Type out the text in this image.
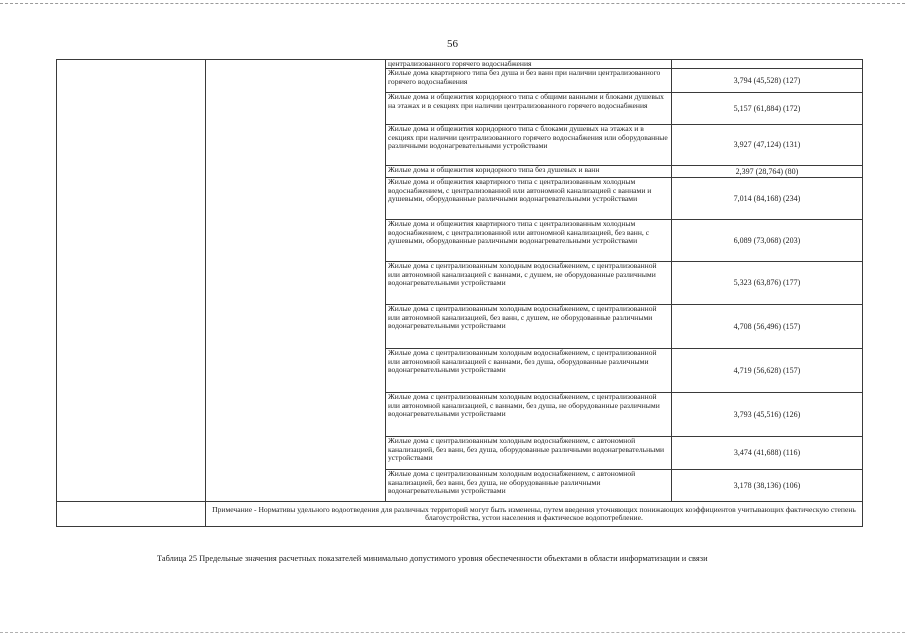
56
		централизованного горячего водоснабжения	
		Жилые дома квартирного типа без душа и без ванн при наличии централизованного горячего водоснабжения	3,794 (45,528) (127)
		Жилые дома и общежития коридорного типа с общими ванными и блоками душевых на этажах и в секциях при наличии централизованного горячего водоснабжения	5,157 (61,884) (172)
		Жилые дома и общежития коридорного типа с блоками душевых на этажах и в секциях при наличии централизованного горячего водоснабжения или оборудованные различными водонагревательными устройствами	3,927 (47,124) (131)
		Жилые дома и общежития коридорного типа без душевых и ванн	2,397 (28,764) (80)
		Жилые дома и общежития квартирного типа с централизованным холодным водоснабжением, с централизованной или автономной канализацией с ваннами и душевыми, оборудованные различными водонагревательными устройствами	7,014 (84,168) (234)
		Жилые дома и общежития квартирного типа с централизованным холодным водоснабжением, с централизованной или автономной канализацией, без ванн, с душевыми, оборудованные различными водонагревательными устройствами	6,089 (73,068) (203)
		Жилые дома с централизованным холодным водоснабжением, с централизованной или автономной канализацией с ваннами, с душем, не оборудованные различными водонагревательными устройствами	5,323 (63,876) (177)
		Жилые дома с централизованным холодным водоснабжением, с централизованной или автономной канализацией, без ванн, с душем, не оборудованные различными водонагревательными устройствами	4,708 (56,496) (157)
		Жилые дома с централизованным холодным водоснабжением, с централизованной или автономной канализацией с ваннами, без душа, оборудованные различными водонагревательными устройствами	4,719 (56,628) (157)
		Жилые дома с централизованным холодным водоснабжением, с централизованной или автономной канализацией, с ваннами, без душа, не оборудованные различными водонагревательными устройствами	3,793 (45,516) (126)
		Жилые дома с централизованным холодным водоснабжением, с автономной канализацией, без ванн, без душа, оборудованные различными водонагревательными устройствами	3,474 (41,688) (116)
		Жилые дома с централизованным холодным водоснабжением, с автономной канализацией, без ванн, без душа, не оборудованные различными водонагревательными устройствами	3,178 (38,136) (106)
	Примечание - Нормативы удельного водоотведения для различных территорий могут быть изменены, путем введения уточняющих понижающих коэффициентов учитывающих фактическую степень благоустройства, устои населения и фактическое водопотребление.		
Таблица 25 Предельные значения расчетных показателей минимально допустимого уровня обеспеченности объектами в области информатизации и связи
